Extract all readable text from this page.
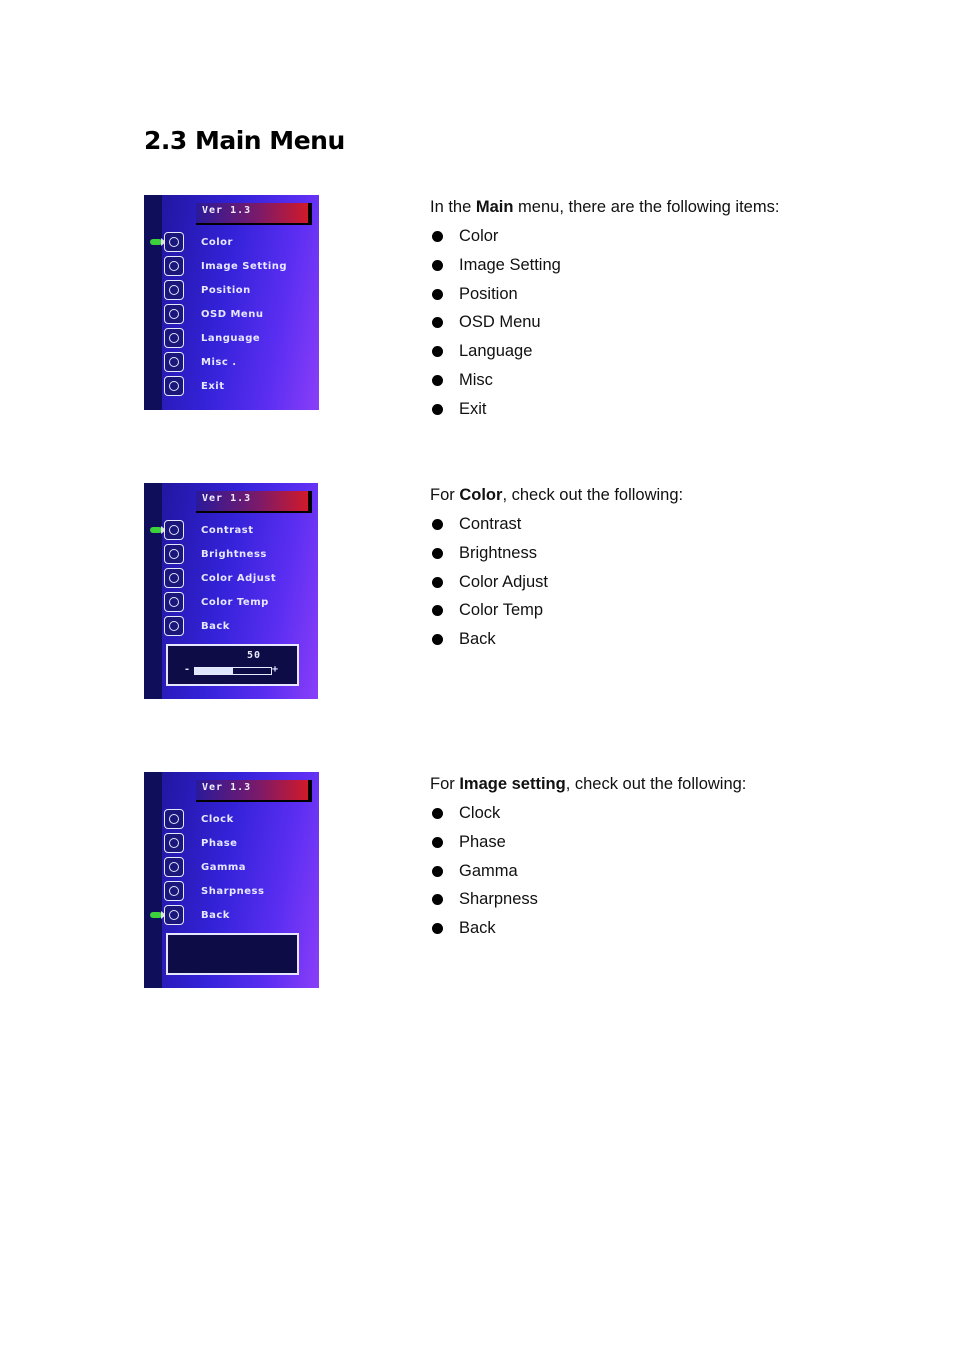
2.3 Main Menu
Ver 1.3
Color
Image Setting
Position
OSD Menu
Language
Misc .
Exit
In the Main menu, there are the following items:
Color
Image Setting
Position
OSD Menu
Language
Misc
Exit
Ver 1.3
Contrast
Brightness
Color Adjust
Color Temp
Back
50
-	+
For Color, check out the following:
Contrast
Brightness
Color Adjust
Color Temp
Back
Ver 1.3
Clock
Phase
Gamma
Sharpness
Back
For Image setting, check out the following:
Clock
Phase
Gamma
Sharpness
Back
